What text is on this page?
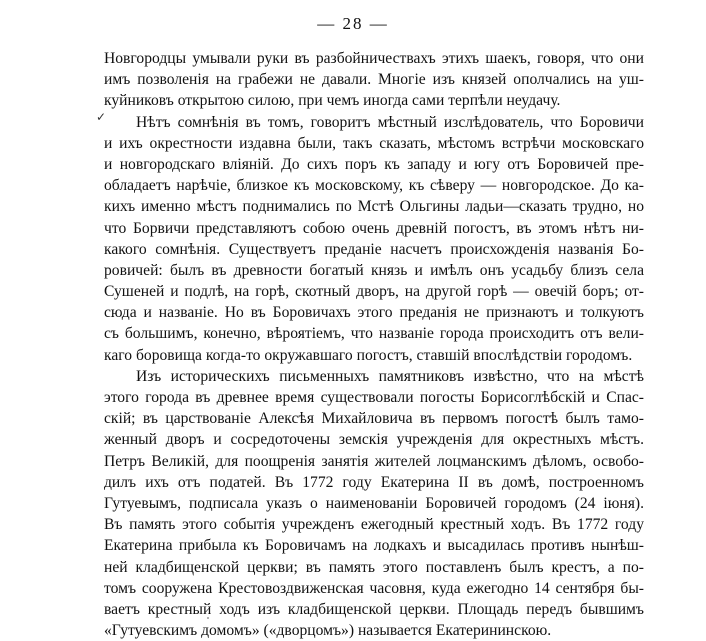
— 28 —
✓
Новгородцы умывали руки въ разбойничествахъ этихъ шаекъ, говоря, что они
имъ позволенія на грабежи не давали. Многіе изъ князей ополчались на уш-
куйниковъ открытою силою, при чемъ иногда сами терпѣли неудачу.
Нѣтъ сомнѣнія въ томъ, говоритъ мѣстный изслѣдователь, что Боровичи
и ихъ окрестности издавна были, такъ сказать, мѣстомъ встрѣчи московскаго
и новгородскаго вліяній. До сихъ поръ къ западу и югу отъ Боровичей пре-
обладаетъ нарѣчіе, близкое къ московскому, къ сѣверу — новгородское. До ка-
кихъ именно мѣстъ поднимались по Мстѣ Ольгины ладьи—сказать трудно, но
что Борвичи представляютъ собою очень древній погостъ, въ этомъ нѣтъ ни-
какого сомнѣнія. Существуетъ преданіе насчетъ происхожденія названія Бо-
ровичей: былъ въ древности богатый князь и имѣлъ онъ усадьбу близъ села
Сушеней и подлѣ, на горѣ, скотный дворъ, на другой горѣ — овечій боръ; от-
сюда и названіе. Но въ Боровичахъ этого преданія не признаютъ и толкуютъ
съ большимъ, конечно, вѣроятіемъ, что названіе города происходитъ отъ вели-
каго боровища когда-то окружавшаго погостъ, ставшій впослѣдствіи городомъ.
Изъ историческихъ письменныхъ памятниковъ извѣстно, что на мѣстѣ
этого города въ древнее время существовали погосты Борисоглѣбскій и Спас-
скій; въ царствованіе Алексѣя Михайловича въ первомъ погостѣ былъ тамо-
женный дворъ и сосредоточены земскія учрежденія для окрестныхъ мѣстъ.
Петръ Великій, для поощренія занятія жителей лоцманскимъ дѣломъ, освобо-
дилъ ихъ отъ податей. Въ 1772 году Екатерина II въ домѣ, построенномъ
Гутуевымъ, подписала указъ о наименованіи Боровичей городомъ (24 іюня).
Въ память этого событія учрежденъ ежегодный крестный ходъ. Въ 1772 году
Екатерина прибыла къ Боровичамъ на лодкахъ и высадилась противъ нынѣш-
ней кладбищенской церкви; въ память этого поставленъ былъ крестъ, а по-
томъ сооружена Крестовоздвиженская часовня, куда ежегодно 14 сентября бы-
ваетъ крестный ходъ изъ кладбищенской церкви. Площадь передъ бывшимъ
«Гутуевскимъ домомъ» («дворцомъ») называется Екатерининскою.
